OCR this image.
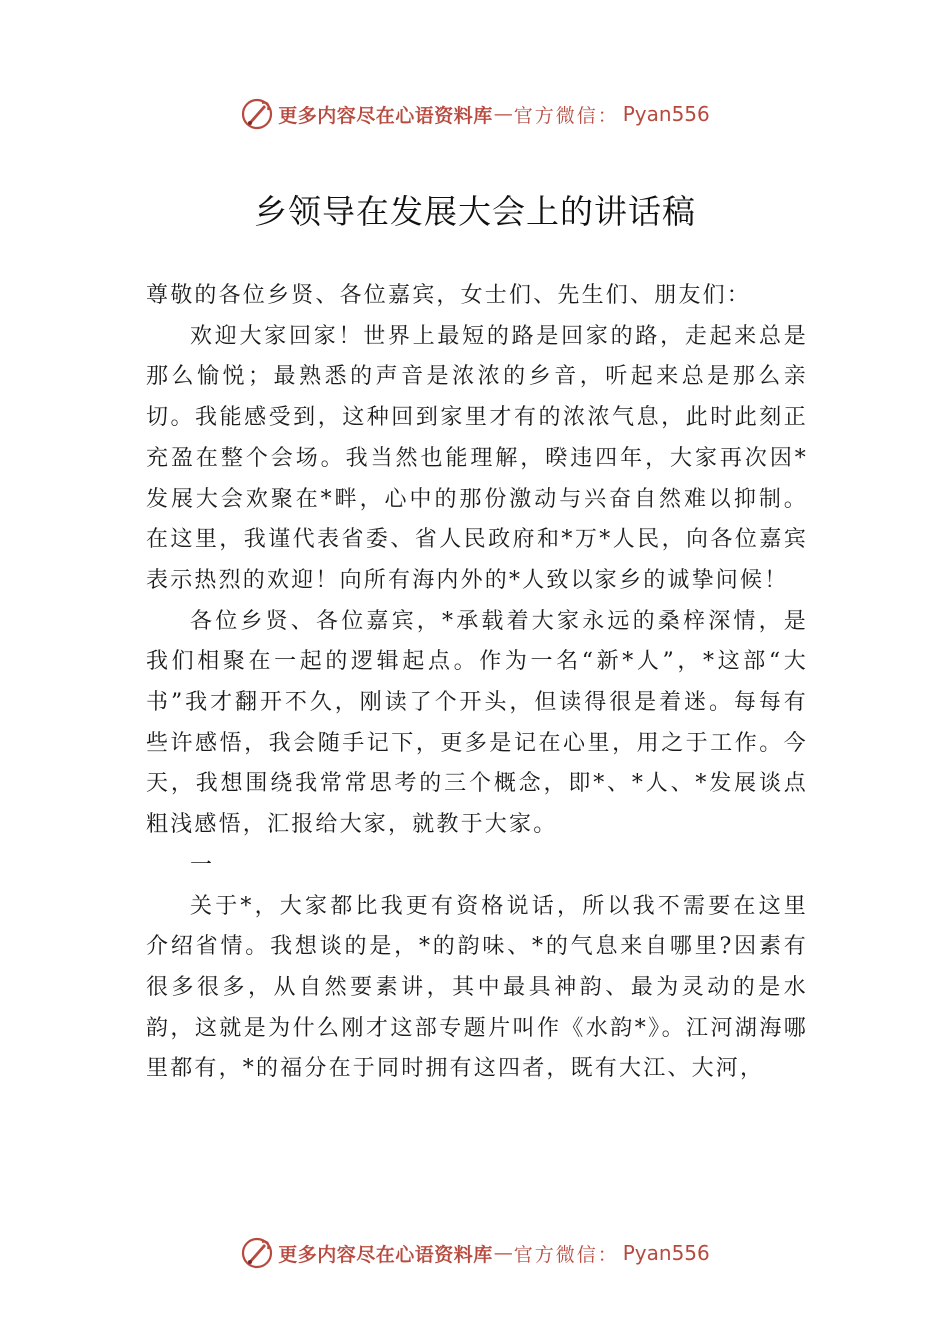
更多内容尽在心语资料库 — 官方微信： Pyan556
乡领导在发展大会上的讲话稿

尊敬的各位乡贤、各位嘉宾，女士们、先生们、朋友们：

欢迎大家回家！世界上最短的路是回家的路，走起来总是那么愉悦；最熟悉的声音是浓浓的乡音，听起来总是那么亲切。我能感受到，这种回到家里才有的浓浓气息，此时此刻正充盈在整个会场。我当然也能理解，暌违四年，大家再次因*发展大会欢聚在*畔，心中的那份激动与兴奋自然难以抑制。在这里，我谨代表省委、省人民政府和*万*人民，向各位嘉宾表示热烈的欢迎！向所有海内外的*人致以家乡的诚挚问候！

各位乡贤、各位嘉宾，*承载着大家永远的桑梓深情，是我们相聚在一起的逻辑起点。作为一名“新*人”，*这部“大书”我才翻开不久，刚读了个开头，但读得很是着迷。每每有些许感悟，我会随手记下，更多是记在心里，用之于工作。今天，我想围绕我常常思考的三个概念，即*、*人、*发展谈点粗浅感悟，汇报给大家，就教于大家。

一

关于*，大家都比我更有资格说话，所以我不需要在这里介绍省情。我想谈的是，*的韵味、*的气息来自哪里?因素有很多很多，从自然要素讲，其中最具神韵、最为灵动的是水韵，这就是为什么刚才这部专题片叫作《水韵*》。江河湖海哪里都有，*的福分在于同时拥有这四者，既有大江、大河，

更多内容尽在心语资料库 — 官方微信： Pyan556
